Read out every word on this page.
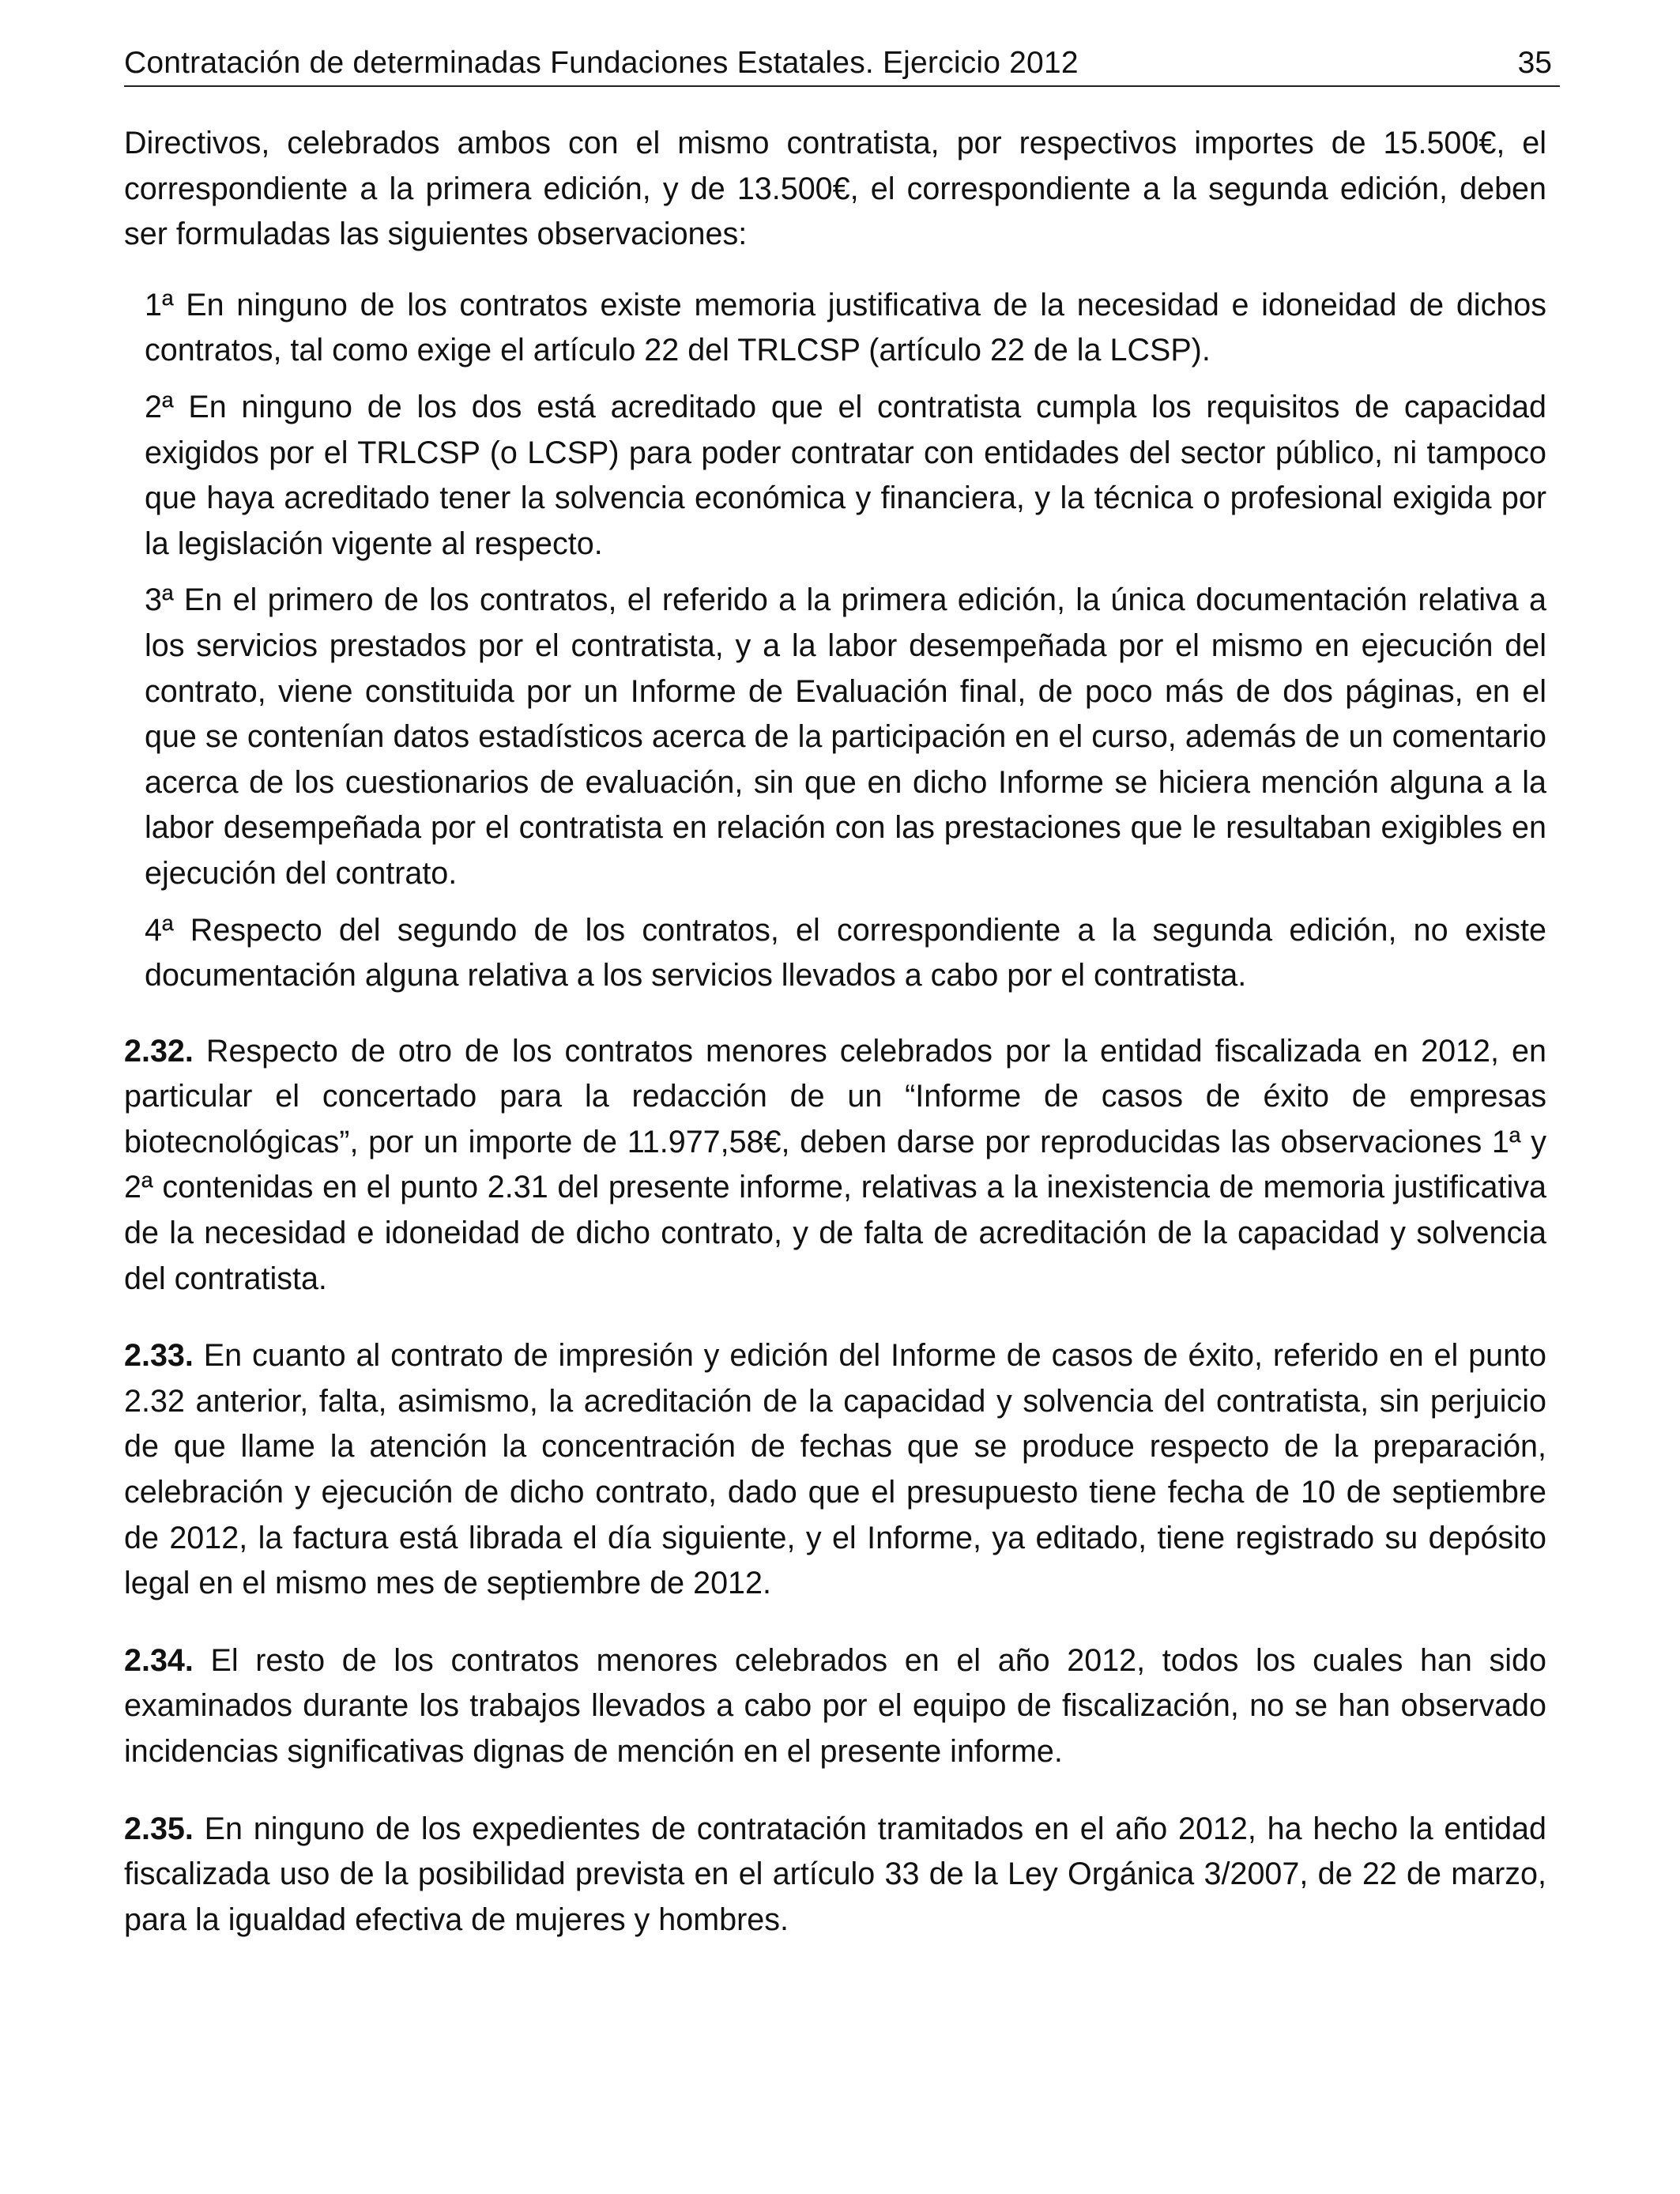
Contratación de determinadas Fundaciones Estatales. Ejercicio 2012	35

Directivos, celebrados ambos con el mismo contratista, por respectivos importes de 15.500€, el correspondiente a la primera edición, y de 13.500€, el correspondiente a la segunda edición, deben ser formuladas las siguientes observaciones:

1ª En ninguno de los contratos existe memoria justificativa de la necesidad e idoneidad de dichos contratos, tal como exige el artículo 22 del TRLCSP (artículo 22 de la LCSP).

2ª En ninguno de los dos está acreditado que el contratista cumpla los requisitos de capacidad exigidos por el TRLCSP (o LCSP) para poder contratar con entidades del sector público, ni tampoco que haya acreditado tener la solvencia económica y financiera, y la técnica o profesional exigida por la legislación vigente al respecto.

3ª En el primero de los contratos, el referido a la primera edición, la única documentación relativa a los servicios prestados por el contratista, y a la labor desempeñada por el mismo en ejecución del contrato, viene constituida por un Informe de Evaluación final, de poco más de dos páginas, en el que se contenían datos estadísticos acerca de la participación en el curso, además de un comentario acerca de los cuestionarios de evaluación, sin que en dicho Informe se hiciera mención alguna a la labor desempeñada por el contratista en relación con las prestaciones que le resultaban exigibles en ejecución del contrato.

4ª Respecto del segundo de los contratos, el correspondiente a la segunda edición, no existe documentación alguna relativa a los servicios llevados a cabo por el contratista.

2.32. Respecto de otro de los contratos menores celebrados por la entidad fiscalizada en 2012, en particular el concertado para la redacción de un “Informe de casos de éxito de empresas biotecnológicas”, por un importe de 11.977,58€, deben darse por reproducidas las observaciones 1ª y 2ª contenidas en el punto 2.31 del presente informe, relativas a la inexistencia de memoria justificativa de la necesidad e idoneidad de dicho contrato, y de falta de acreditación de la capacidad y solvencia del contratista.

2.33. En cuanto al contrato de impresión y edición del Informe de casos de éxito, referido en el punto 2.32 anterior, falta, asimismo, la acreditación de la capacidad y solvencia del contratista, sin perjuicio de que llame la atención la concentración de fechas que se produce respecto de la preparación, celebración y ejecución de dicho contrato, dado que el presupuesto tiene fecha de 10 de septiembre de 2012, la factura está librada el día siguiente, y el Informe, ya editado, tiene registrado su depósito legal en el mismo mes de septiembre de 2012.

2.34. El resto de los contratos menores celebrados en el año 2012, todos los cuales han sido examinados durante los trabajos llevados a cabo por el equipo de fiscalización, no se han observado incidencias significativas dignas de mención en el presente informe.

2.35. En ninguno de los expedientes de contratación tramitados en el año 2012, ha hecho la entidad fiscalizada uso de la posibilidad prevista en el artículo 33 de la Ley Orgánica 3/2007, de 22 de marzo, para la igualdad efectiva de mujeres y hombres.
